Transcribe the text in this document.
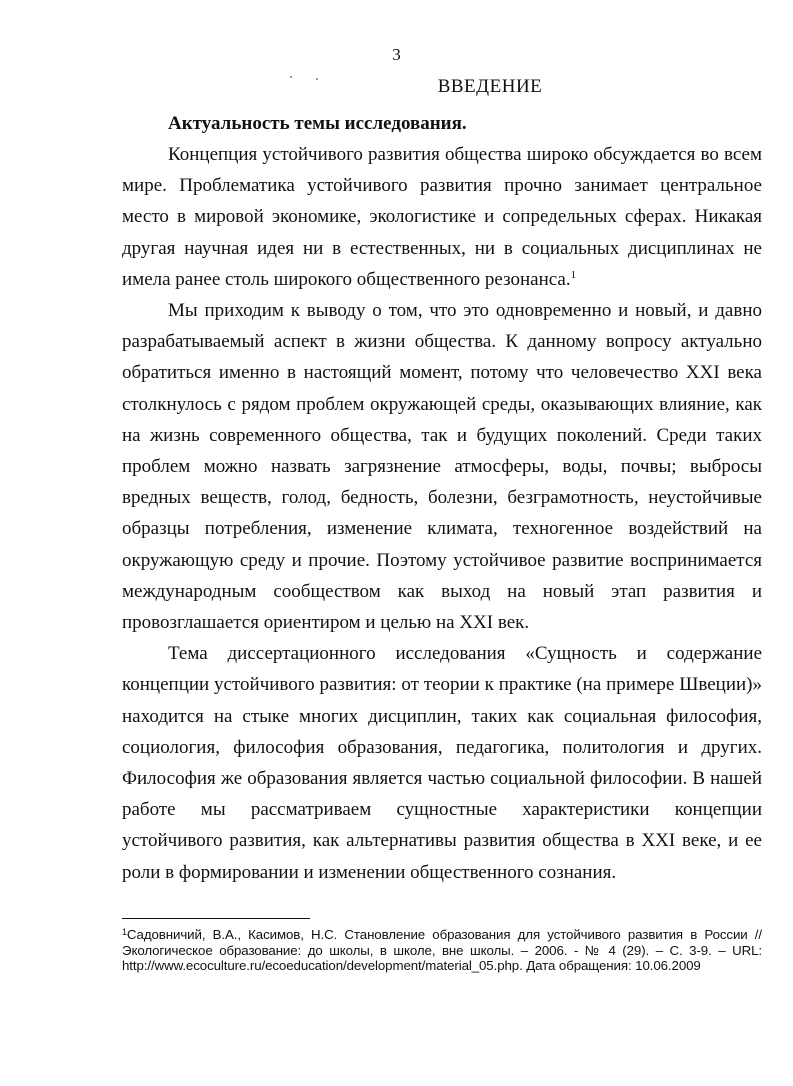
3
ВВЕДЕНИЕ
Актуальность темы исследования.

Концепция устойчивого развития общества широко обсуждается во всем мире. Проблематика устойчивого развития прочно занимает центральное место в мировой экономике, экологистике и сопредельных сферах. Никакая другая научная идея ни в естественных, ни в социальных дисциплинах не имела ранее столь широкого общественного резонанса.$^1$

Мы приходим к выводу о том, что это одновременно и новый, и давно разрабатываемый аспект в жизни общества. К данному вопросу актуально обратиться именно в настоящий момент, потому что человечество XXI века столкнулось с рядом проблем окружающей среды, оказывающих влияние, как на жизнь современного общества, так и будущих поколений. Среди таких проблем можно назвать загрязнение атмосферы, воды, почвы; выбросы вредных веществ, голод, бедность, болезни, безграмотность, неустойчивые образцы потребления, изменение климата, техногенное воздействий на окружающую среду и прочие. Поэтому устойчивое развитие воспринимается международным сообществом как выход на новый этап развития и провозглашается ориентиром и целью на XXI век.

Тема диссертационного исследования «Сущность и содержание концепции устойчивого развития: от теории к практике (на примере Швеции)» находится на стыке многих дисциплин, таких как социальная философия, социология, философия образования, педагогика, политология и других. Философия же образования является частью социальной философии. В нашей работе мы рассматриваем сущностные характеристики концепции устойчивого развития, как альтернативы развития общества в XXI веке, и ее роли в формировании и изменении общественного сознания.

$^1$Садовничий, В.А., Касимов, Н.С. Становление образования для устойчивого развития в России // Экологическое образование: до школы, в школе, вне школы. – 2006. - № 4 (29). – С. 3-9. – URL: http://www.ecoculture.ru/ecoeducation/development/material_05.php. Дата обращения: 10.06.2009
